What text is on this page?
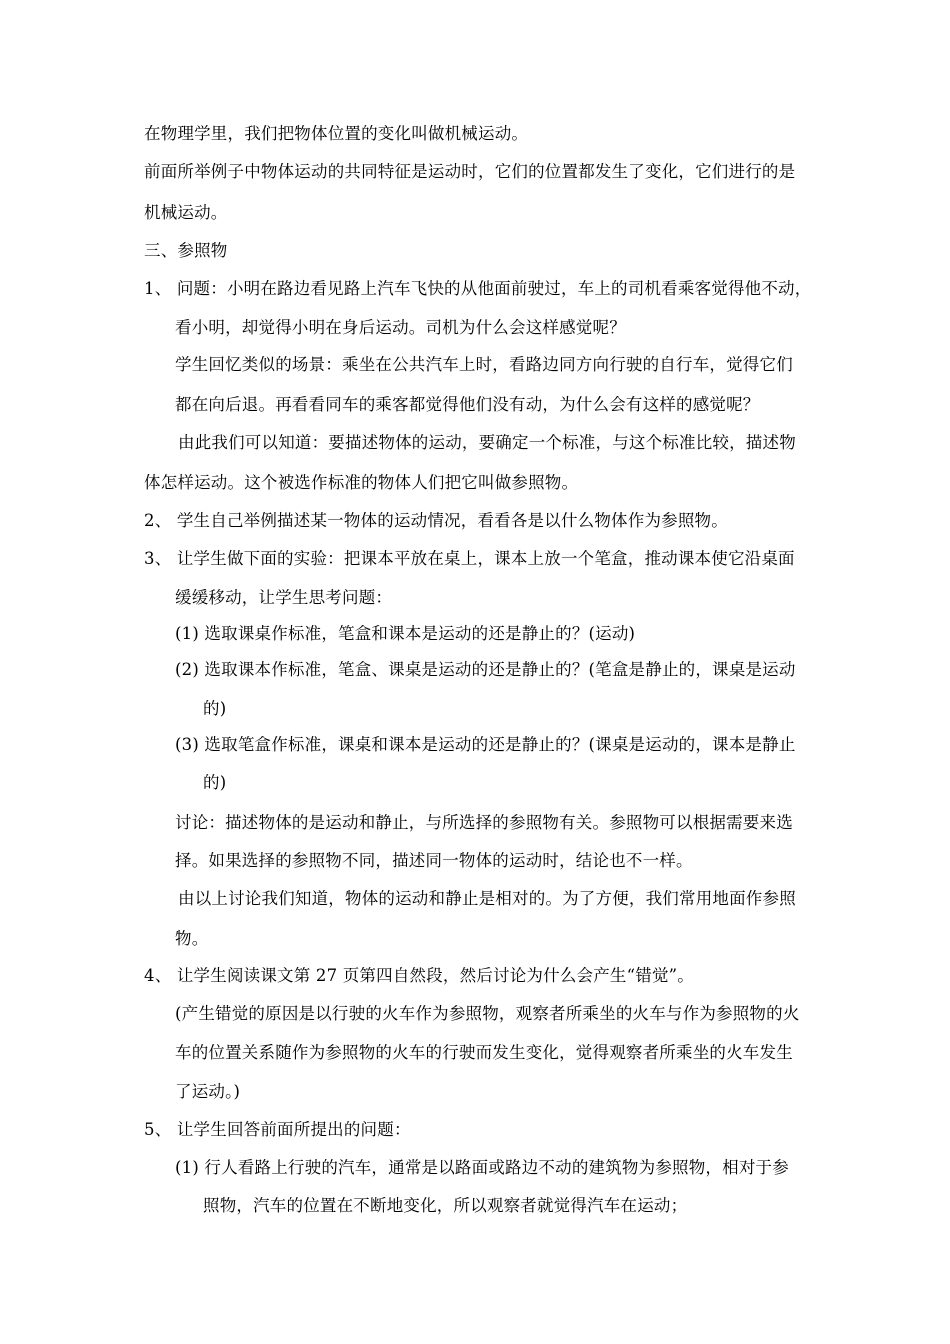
在物理学里，我们把物体位置的变化叫做机械运动。
前面所举例子中物体运动的共同特征是运动时，它们的位置都发生了变化，它们进行的是
机械运动。
三、参照物
1、 问题：小明在路边看见路上汽车飞快的从他面前驶过，车上的司机看乘客觉得他不动，
看小明，却觉得小明在身后运动。司机为什么会这样感觉呢？
学生回忆类似的场景：乘坐在公共汽车上时，看路边同方向行驶的自行车，觉得它们
都在向后退。再看看同车的乘客都觉得他们没有动，为什么会有这样的感觉呢？
由此我们可以知道：要描述物体的运动，要确定一个标准，与这个标准比较，描述物
体怎样运动。这个被选作标准的物体人们把它叫做参照物。
2、 学生自己举例描述某一物体的运动情况，看看各是以什么物体作为参照物。
3、 让学生做下面的实验：把课本平放在桌上，课本上放一个笔盒，推动课本使它沿桌面
缓缓移动，让学生思考问题：
(1) 选取课桌作标准，笔盒和课本是运动的还是静止的？(运动)
(2) 选取课本作标准，笔盒、课桌是运动的还是静止的？(笔盒是静止的，课桌是运动
的)
(3) 选取笔盒作标准，课桌和课本是运动的还是静止的？(课桌是运动的，课本是静止
的)
讨论：描述物体的是运动和静止，与所选择的参照物有关。参照物可以根据需要来选
择。如果选择的参照物不同，描述同一物体的运动时，结论也不一样。
由以上讨论我们知道，物体的运动和静止是相对的。为了方便，我们常用地面作参照
物。
4、 让学生阅读课文第 27 页第四自然段，然后讨论为什么会产生“错觉”。
(产生错觉的原因是以行驶的火车作为参照物，观察者所乘坐的火车与作为参照物的火
车的位置关系随作为参照物的火车的行驶而发生变化，觉得观察者所乘坐的火车发生
了运动。)
5、 让学生回答前面所提出的问题：
(1) 行人看路上行驶的汽车，通常是以路面或路边不动的建筑物为参照物，相对于参
照物，汽车的位置在不断地变化，所以观察者就觉得汽车在运动；
